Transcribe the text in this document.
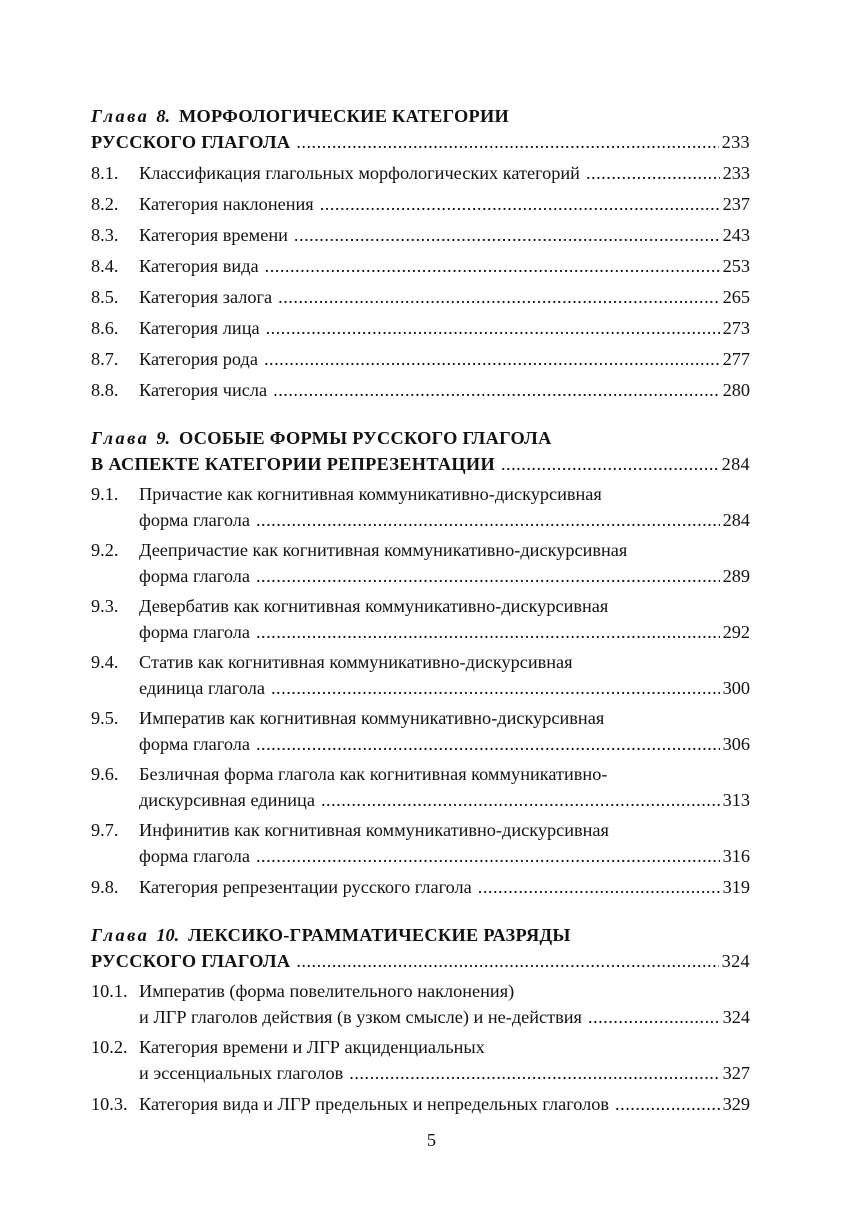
Глава 8. МОРФОЛОГИЧЕСКИЕ КАТЕГОРИИ
РУССКОГО ГЛАГОЛА .....	233
8.1.	Классификация глагольных морфологических категорий .....	233
8.2.	Категория наклонения .....	237
8.3.	Категория времени .....	243
8.4.	Категория вида .....	253
8.5.	Категория залога .....	265
8.6.	Категория лица .....	273
8.7.	Категория рода .....	277
8.8.	Категория числа .....	280
Глава 9. ОСОБЫЕ ФОРМЫ РУССКОГО ГЛАГОЛА
В АСПЕКТЕ КАТЕГОРИИ РЕПРЕЗЕНТАЦИИ .....	284
9.1.	Причастие как когнитивная коммуникативно-дискурсивная
форма глагола .....	284
9.2.	Деепричастие как когнитивная коммуникативно-дискурсивная
форма глагола .....	289
9.3.	Девербатив как когнитивная коммуникативно-дискурсивная
форма глагола .....	292
9.4.	Статив как когнитивная коммуникативно-дискурсивная
единица глагола .....	300
9.5.	Императив как когнитивная коммуникативно-дискурсивная
форма глагола .....	306
9.6.	Безличная форма глагола как когнитивная коммуникативно-
дискурсивная единица .....	313
9.7.	Инфинитив как когнитивная коммуникативно-дискурсивная
форма глагола .....	316
9.8.	Категория репрезентации русского глагола .....	319
Глава 10. ЛЕКСИКО-ГРАММАТИЧЕСКИЕ РАЗРЯДЫ
РУССКОГО ГЛАГОЛА .....	324
10.1. Императив (форма повелительного наклонения)
и ЛГР глаголов действия (в узком смысле) и не-действия .....	324
10.2. Категория времени и ЛГР акциденциальных
и эссенциальных глаголов .....	327
10.3. Категория вида и ЛГР предельных и непредельных глаголов .....	329
5
